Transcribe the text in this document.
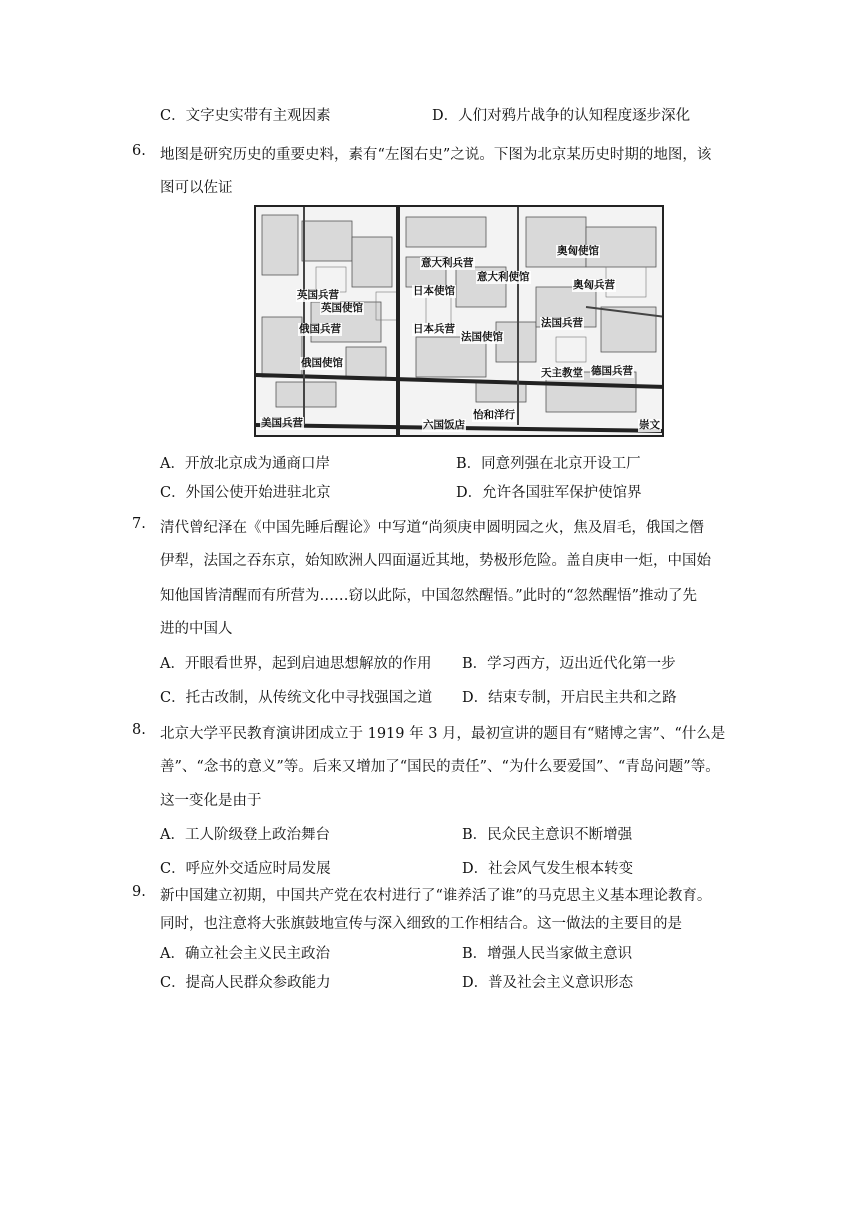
C．文字史实带有主观因素	D．人们对鸦片战争的认知程度逐步深化
6. 地图是研究历史的重要史料，素有“左图右史”之说。下图为北京某历史时期的地图，该
图可以佐证
奥匈使馆
意大利兵营
意大利使馆
奥匈兵营
英国兵营	日本使馆
英国使馆
法国兵营
俄国兵营	日本兵营
法国使馆
俄国使馆
天主教堂 德国兵营
美国兵营	六国饭店
怡和洋行
崇文
A．开放北京成为通商口岸	B．同意列强在北京开设工厂
C．外国公使开始进驻北京	D．允许各国驻军保护使馆界
7. 清代曾纪泽在《中国先睡后醒论》中写道“尚须庚申圆明园之火，焦及眉毛，俄国之僭
伊犁，法国之吞东京，始知欧洲人四面逼近其地，势极形危险。盖自庚申一炬，中国始
知他国皆清醒而有所营为……窃以此际，中国忽然醒悟。”此时的“忽然醒悟”推动了先
进的中国人
A．开眼看世界，起到启迪思想解放的作用 B．学习西方，迈出近代化第一步
C．托古改制，从传统文化中寻找强国之道 D．结束专制，开启民主共和之路
8. 北京大学平民教育演讲团成立于 1919 年 3 月，最初宣讲的题目有“赌博之害”、“什么是
善”、“念书的意义”等。后来又增加了“国民的责任”、“为什么要爱国”、“青岛问题”等。
这一变化是由于
A．工人阶级登上政治舞台	B．民众民主意识不断增强
C．呼应外交适应时局发展	D．社会风气发生根本转变
9. 新中国建立初期，中国共产党在农村进行了“谁养活了谁”的马克思主义基本理论教育。
同时，也注意将大张旗鼓地宣传与深入细致的工作相结合。这一做法的主要目的是
A．确立社会主义民主政治	B．增强人民当家做主意识
C．提高人民群众参政能力	D．普及社会主义意识形态
